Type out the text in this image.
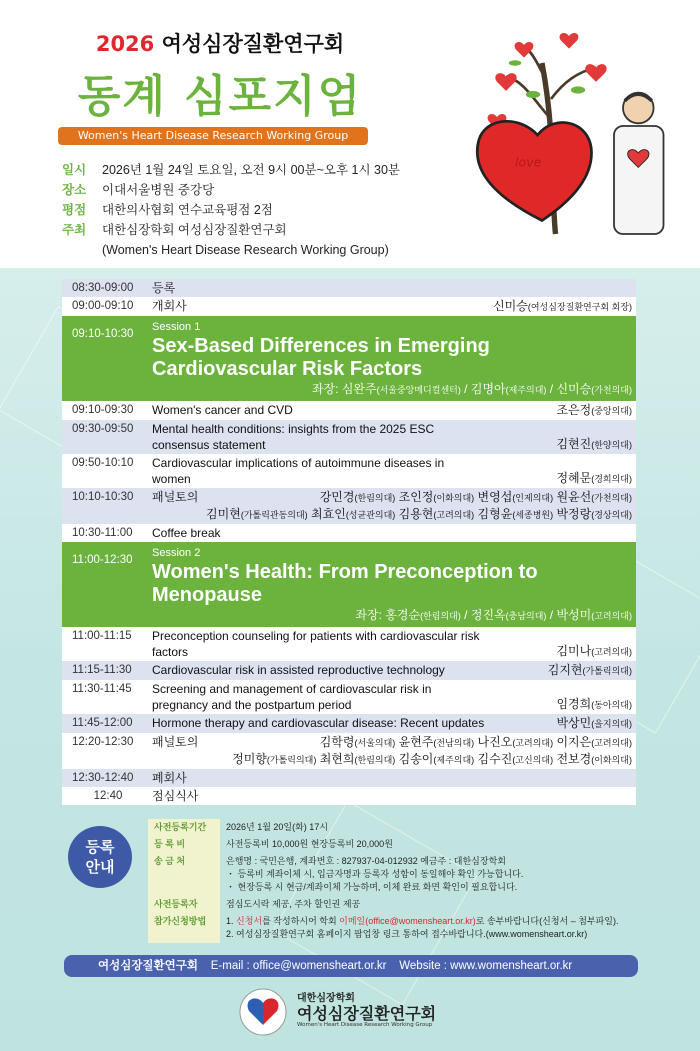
2026 여성심장질환연구회
동계 심포지엄
Women's Heart Disease Research Working Group
love
일시	2026년 1월 24일 토요일, 오전 9시 00분~오후 1시 30분
장소	이대서울병원 중강당
평점	대한의사협회 연수교육평점 2점
주최	대한심장학회 여성심장질환연구회
(Women's Heart Disease Research Working Group)
08:30-09:00	등록	
09:00-09:10	개회사	신미승(여성심장질환연구회 회장)
09:10-10:30	Session 1
Sex-Based Differences in Emerging Cardiovascular Risk Factors
좌장: 심완주(서울중앙메디컬센터) / 김명아(제주의대) / 신미승(가천의대)	

09:10-09:30	Women's cancer and CVD	조은정(중앙의대)
09:30-09:50	Mental health conditions: insights from the 2025 ESC consensus statement	김현진(한양의대)
09:50-10:10	Cardiovascular implications of autoimmune diseases in women	정혜문(경희의대)
10:10-10:30	패널토의 강민경(한림의대) 조인정(이화의대) 변영섭(인제의대) 원윤선(가천의대)
김미현(가톨릭관동의대) 최효인(성균관의대) 김용현(고려의대) 김형윤(세종병원) 박정랑(경상의대)	

10:30-11:00	Coffee break	
11:00-12:30	Session 2
Women's Health: From Preconception to Menopause
좌장: 홍경순(한림의대) / 정진옥(충남의대) / 박성미(고려의대)	

11:00-11:15	Preconception counseling for patients with cardiovascular risk factors	김미나(고려의대)
11:15-11:30	Cardiovascular risk in assisted reproductive technology	김지현(가톨릭의대)
11:30-11:45	Screening and management of cardiovascular risk in pregnancy and the postpartum period	임경희(동아의대)
11:45-12:00	Hormone therapy and cardiovascular disease: Recent updates	박상민(을지의대)
12:20-12:30	패널토의 김학령(서울의대) 윤현주(전남의대) 나진오(고려의대) 이지은(고려의대)
정미향(가톨릭의대) 최현희(한림의대) 김송이(제주의대) 김수진(고신의대) 전보경(이화의대)	

12:30-12:40	폐회사	
12:40	점심식사	
등록
안내
사전등록기간	2026년 1월 20일(화) 17시

등 록 비	사전등록비 10,000원 현장등록비 20,000원

송 금 처	은행명 : 국민은행, 계좌번호 : 827937-04-012932 예금주 : 대한심장학회
・ 등록비 계좌이체 시, 입금자명과 등록자 성함이 동일해야 확인 가능합니다.
・ 현장등록 시 현금/계좌이체 가능하며, 이체 완료 화면 확인이 필요합니다.

사전등록자	점심도시락 제공, 주차 할인권 제공

참가신청방법	1. 신청서를 작성하시어 학회 이메일(office@womensheart.or.kr)로 송부바랍니다(신청서 – 첨부파일).
2. 여성심장질환연구회 홈페이지 팝업창 링크 통하여 접수바랍니다.(www.womensheart.or.kr)
여성심장질환연구회 E-mail : office@womensheart.or.kr Website : www.womensheart.or.kr
대한심장학회
여성심장질환연구회
Women's Heart Disease Research Working Group
